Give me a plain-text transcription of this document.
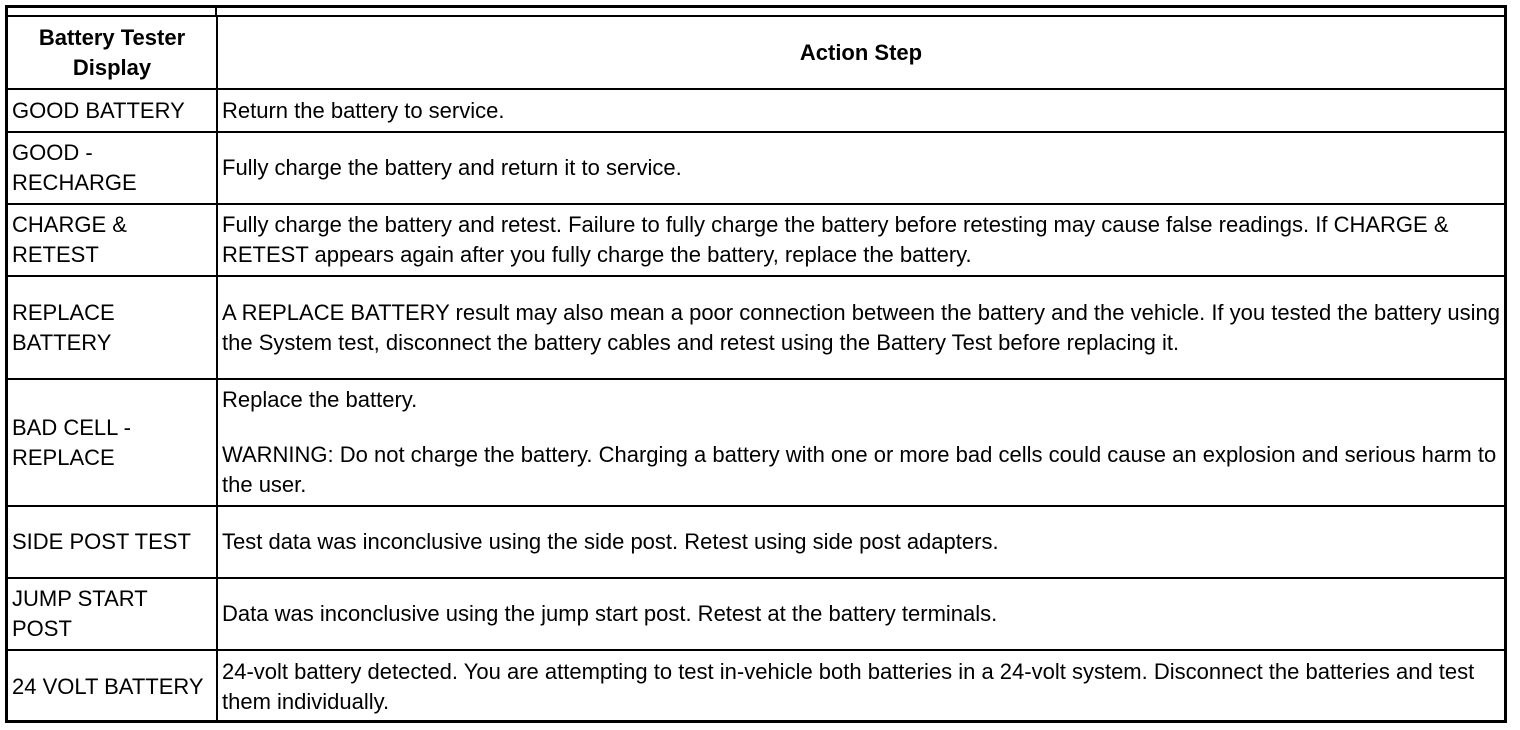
Battery Tester Display	Action Step
GOOD BATTERY	Return the battery to service.

GOOD - RECHARGE	Fully charge the battery and return it to service.

CHARGE & RETEST	Fully charge the battery and retest. Failure to fully charge the battery before retesting may cause false readings. If CHARGE & RETEST appears again after you fully charge the battery, replace the battery.

REPLACE BATTERY	A REPLACE BATTERY result may also mean a poor connection between the battery and the vehicle. If you tested the battery using the System test, disconnect the battery cables and retest using the Battery Test before replacing it.

BAD CELL - REPLACE	Replace the battery.
WARNING: Do not charge the battery. Charging a battery with one or more bad cells could cause an explosion and serious harm to the user.

SIDE POST TEST	Test data was inconclusive using the side post. Retest using side post adapters.

JUMP START POST	Data was inconclusive using the jump start post. Retest at the battery terminals.

24 VOLT BATTERY	24-volt battery detected. You are attempting to test in-vehicle both batteries in a 24-volt system. Disconnect the batteries and test them individually.
